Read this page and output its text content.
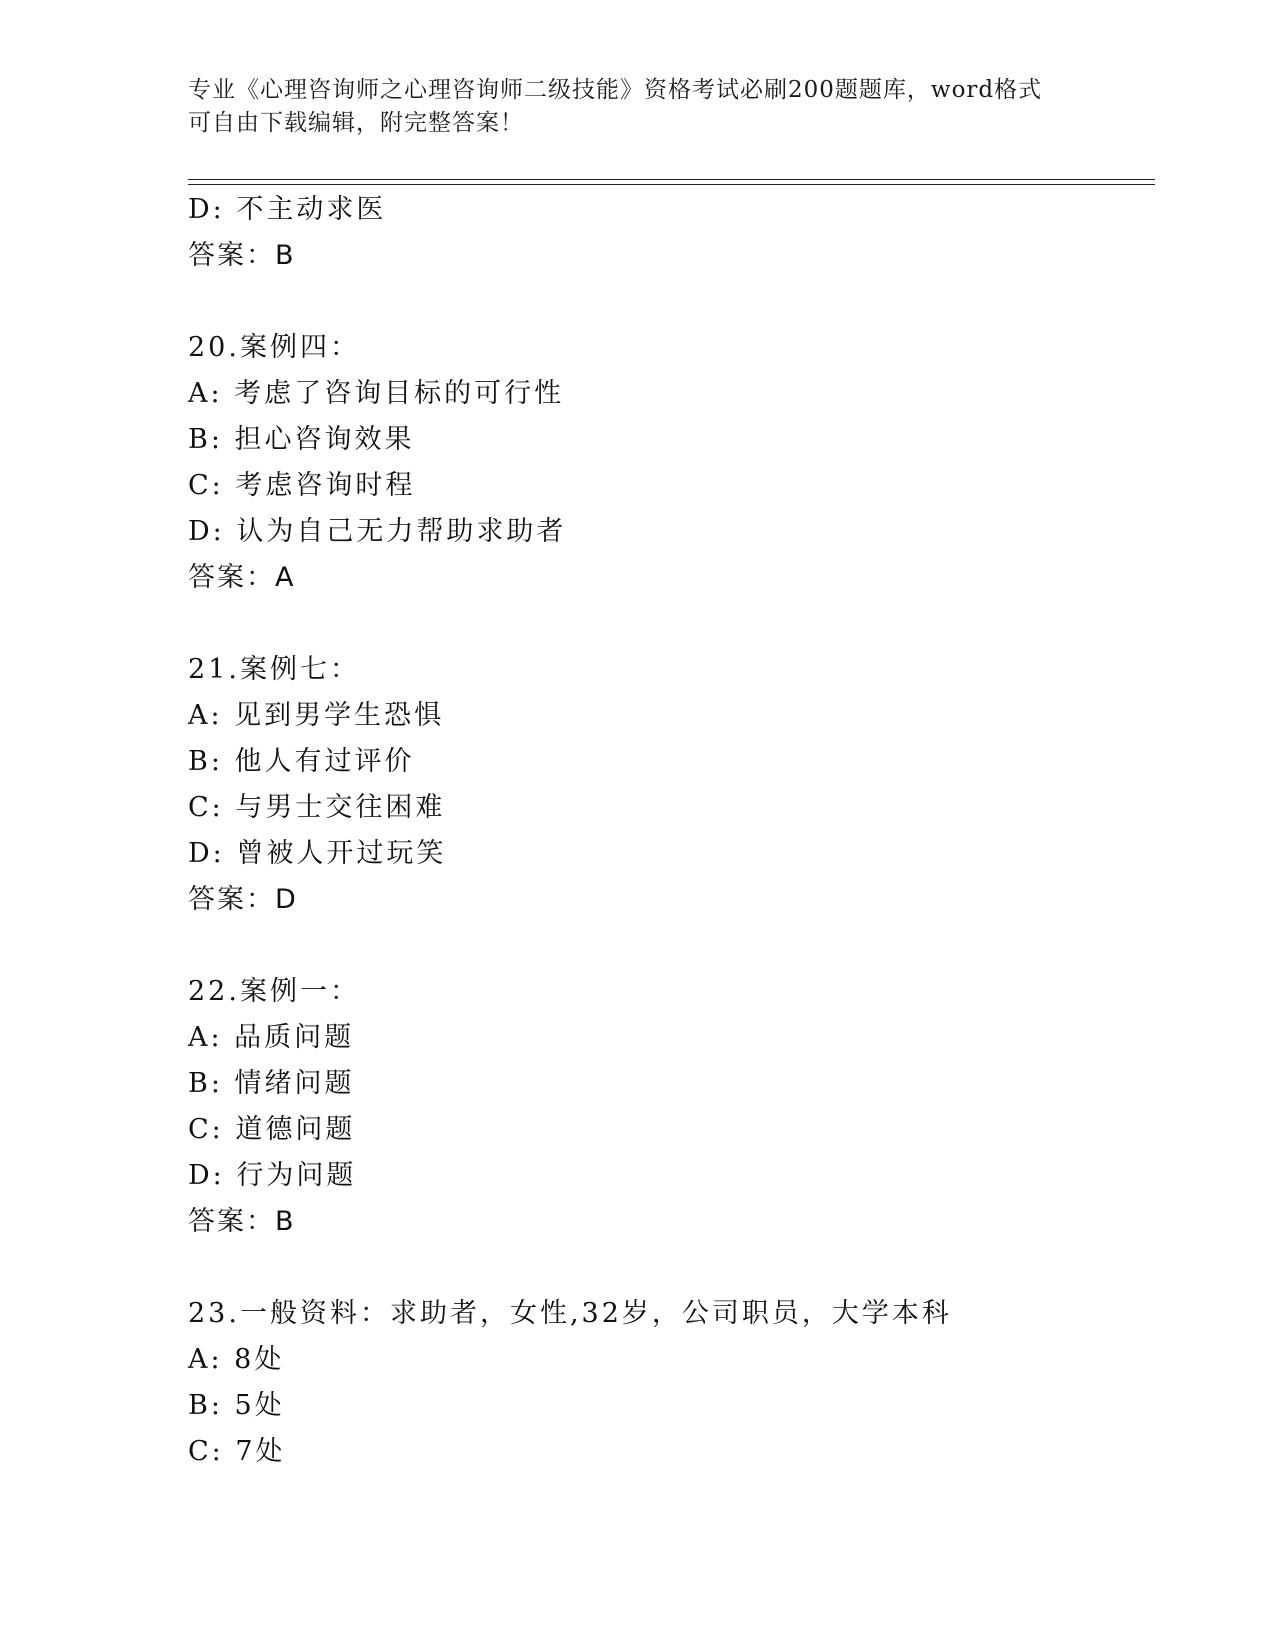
专业《心理咨询师之心理咨询师二级技能》资格考试必刷200题题库，word格式
可自由下载编辑，附完整答案！
D: 不主动求医
答案：B
20.案例四：
A: 考虑了咨询目标的可行性
B: 担心咨询效果
C: 考虑咨询时程
D: 认为自己无力帮助求助者
答案：A
21.案例七：
A: 见到男学生恐惧
B: 他人有过评价
C: 与男士交往困难
D: 曾被人开过玩笑
答案：D
22.案例一：
A: 品质问题
B: 情绪问题
C: 道德问题
D: 行为问题
答案：B
23.一般资料：求助者，女性,32岁，公司职员，大学本科
A: 8处
B: 5处
C: 7处
